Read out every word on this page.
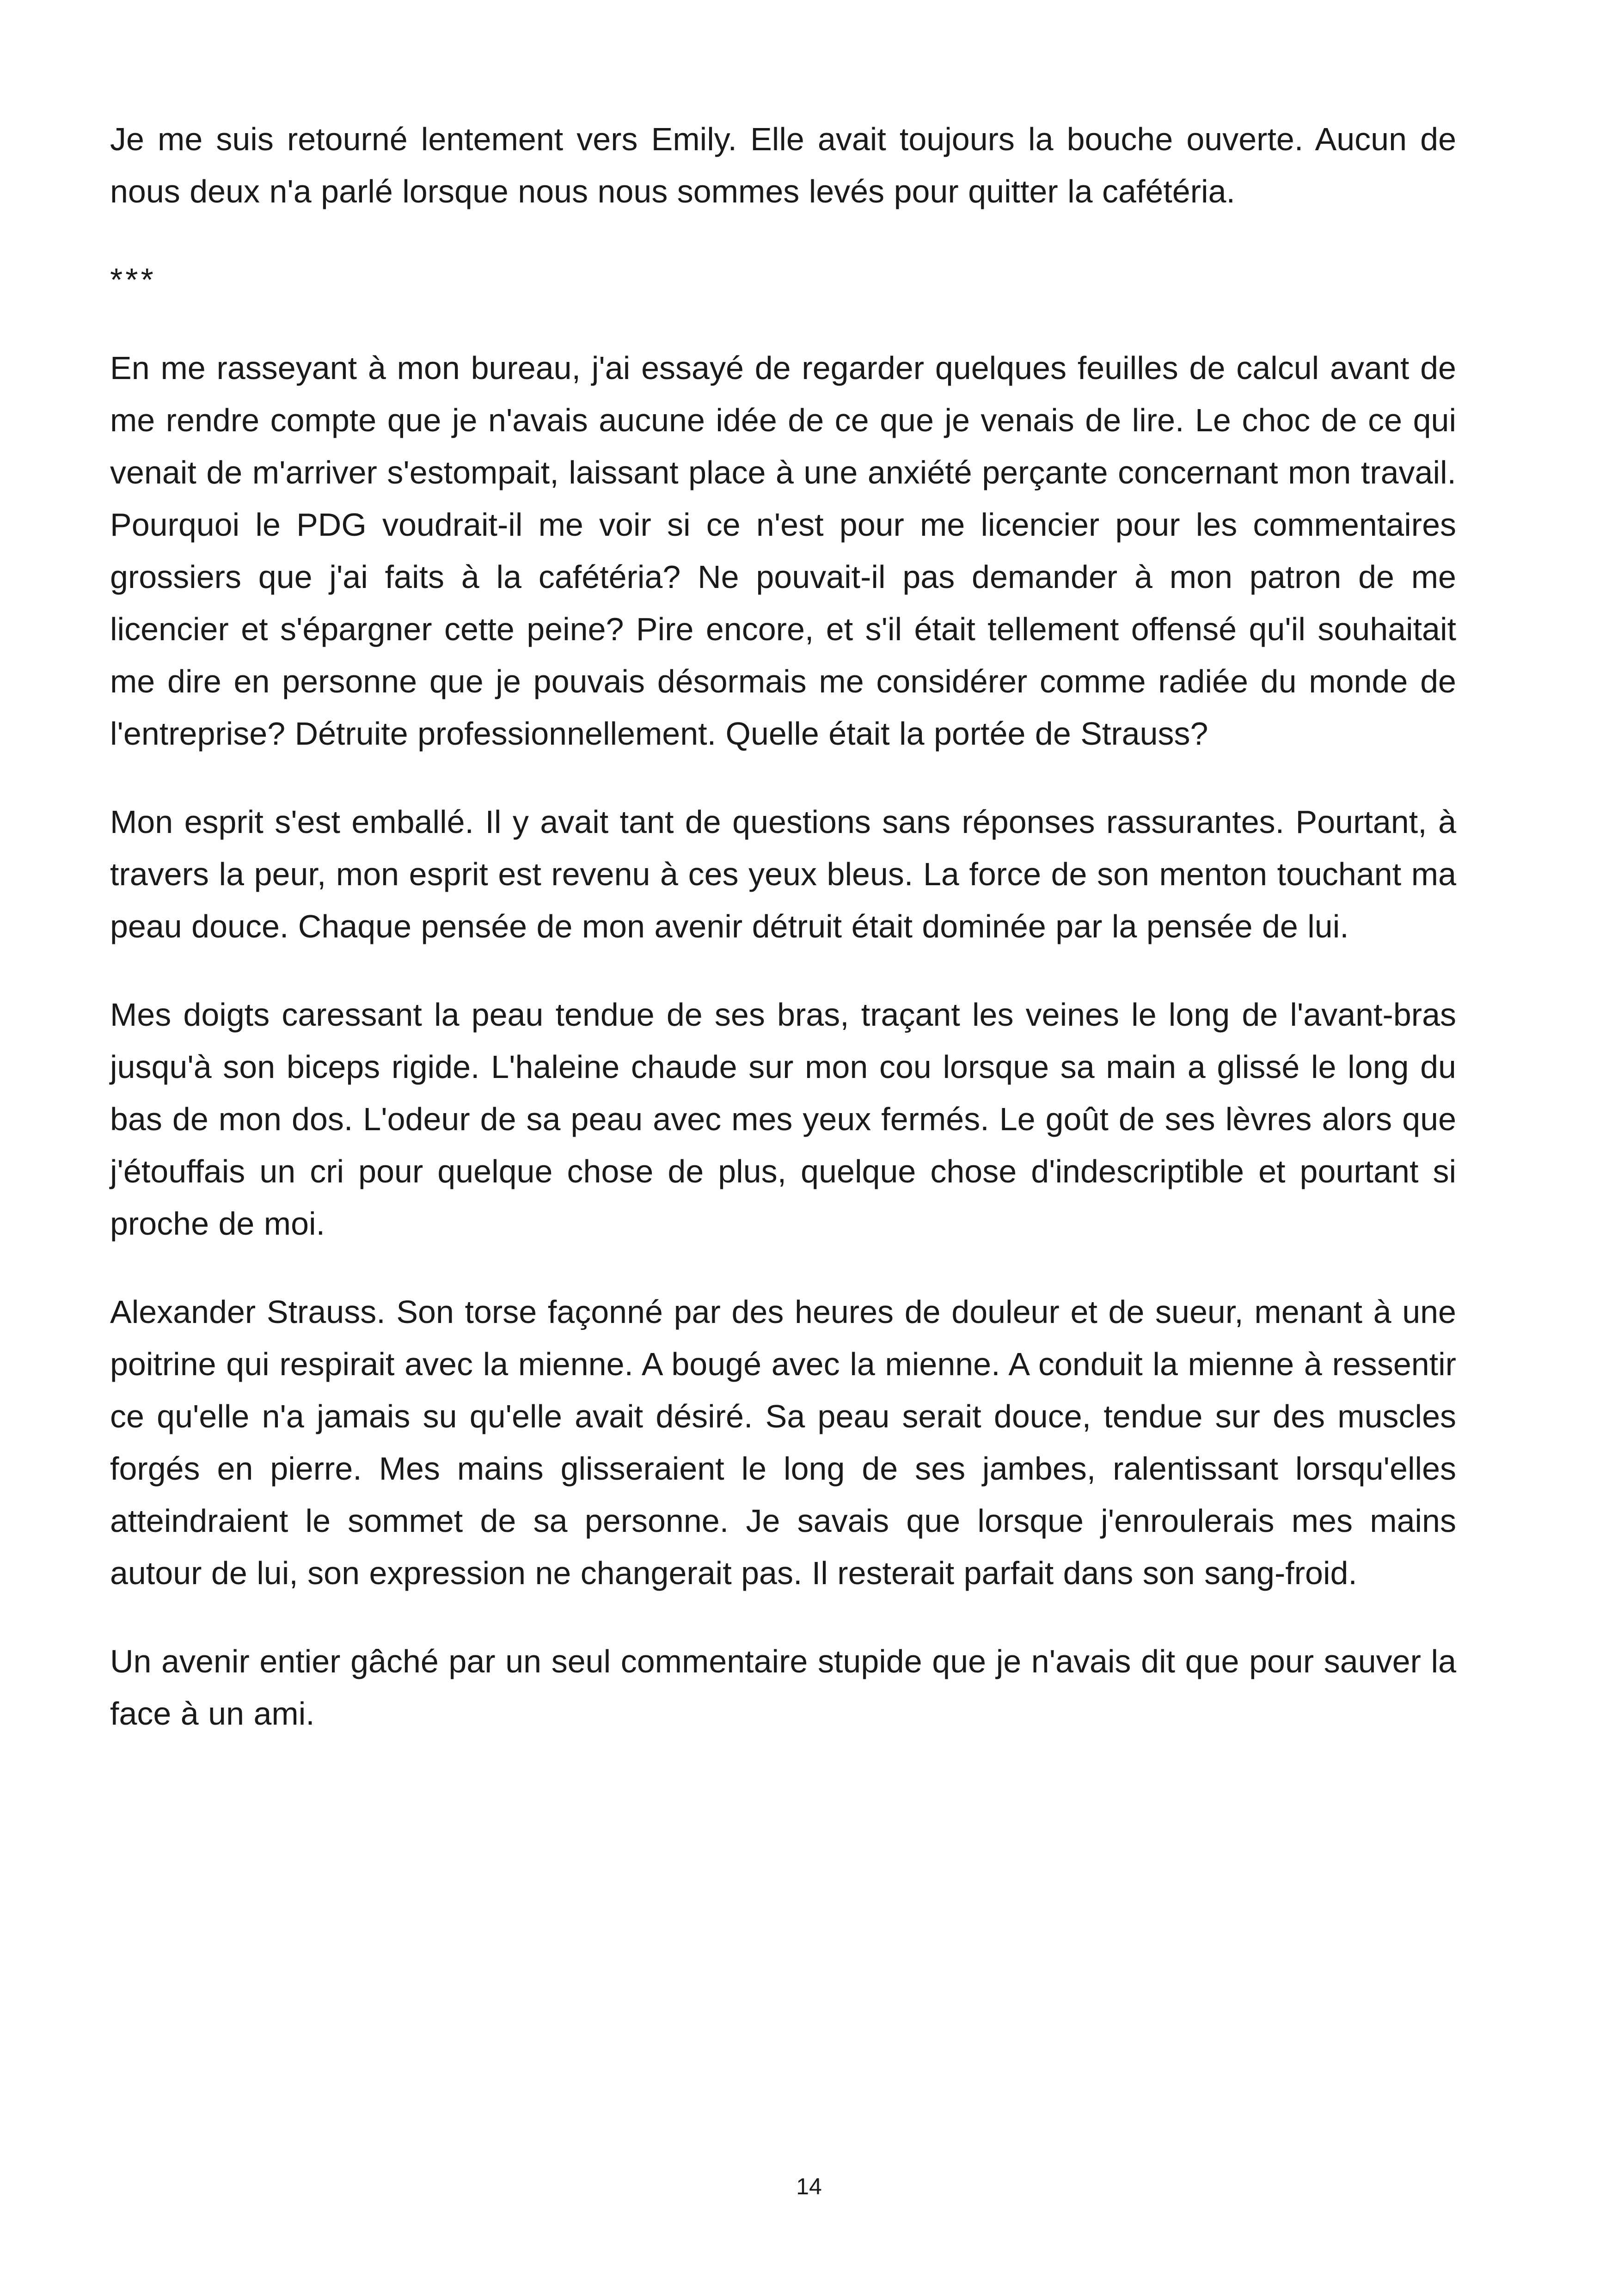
Je me suis retourné lentement vers Emily. Elle avait toujours la bouche ouverte. Aucun de nous deux n'a parlé lorsque nous nous sommes levés pour quitter la cafétéria.

***

En me rasseyant à mon bureau, j'ai essayé de regarder quelques feuilles de calcul avant de me rendre compte que je n'avais aucune idée de ce que je venais de lire. Le choc de ce qui venait de m'arriver s'estompait, laissant place à une anxiété perçante concernant mon travail. Pourquoi le PDG voudrait-il me voir si ce n'est pour me licencier pour les commentaires grossiers que j'ai faits à la cafétéria? Ne pouvait-il pas demander à mon patron de me licencier et s'épargner cette peine? Pire encore, et s'il était tellement offensé qu'il souhaitait me dire en personne que je pouvais désormais me considérer comme radiée du monde de l'entreprise? Détruite professionnellement. Quelle était la portée de Strauss?

Mon esprit s'est emballé. Il y avait tant de questions sans réponses rassurantes. Pourtant, à travers la peur, mon esprit est revenu à ces yeux bleus. La force de son menton touchant ma peau douce. Chaque pensée de mon avenir détruit était dominée par la pensée de lui.

Mes doigts caressant la peau tendue de ses bras, traçant les veines le long de l'avant-bras jusqu'à son biceps rigide. L'haleine chaude sur mon cou lorsque sa main a glissé le long du bas de mon dos. L'odeur de sa peau avec mes yeux fermés. Le goût de ses lèvres alors que j'étouffais un cri pour quelque chose de plus, quelque chose d'indescriptible et pourtant si proche de moi.

Alexander Strauss. Son torse façonné par des heures de douleur et de sueur, menant à une poitrine qui respirait avec la mienne. A bougé avec la mienne. A conduit la mienne à ressentir ce qu'elle n'a jamais su qu'elle avait désiré. Sa peau serait douce, tendue sur des muscles forgés en pierre. Mes mains glisseraient le long de ses jambes, ralentissant lorsqu'elles atteindraient le sommet de sa personne. Je savais que lorsque j'enroulerais mes mains autour de lui, son expression ne changerait pas. Il resterait parfait dans son sang-froid.

Un avenir entier gâché par un seul commentaire stupide que je n'avais dit que pour sauver la face à un ami.

14
